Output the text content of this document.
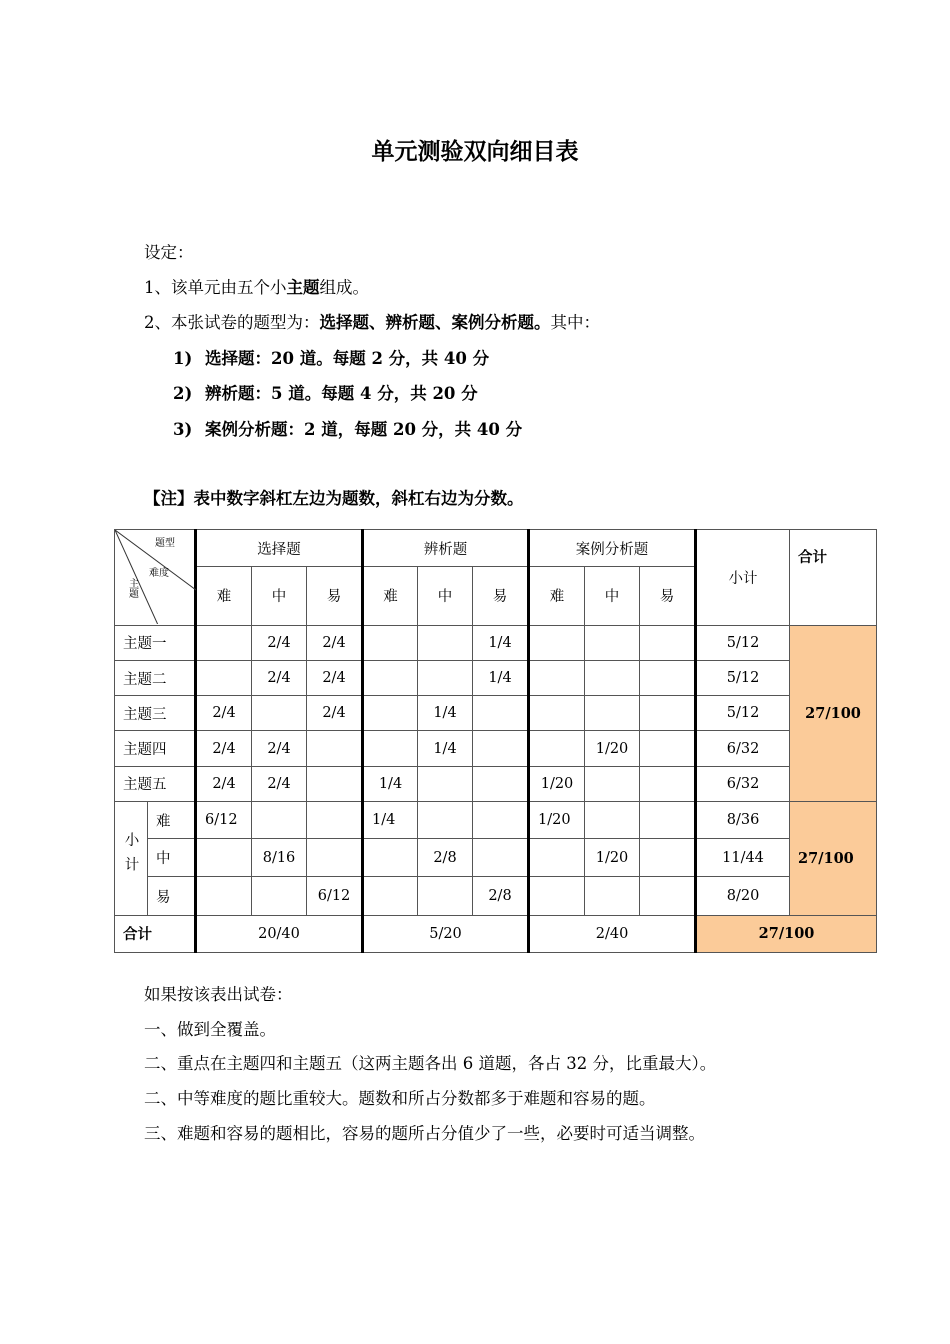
单元测验双向细目表
设定：
1、该单元由五个小主题组成。
2、本张试卷的题型为：选择题、辨析题、案例分析题。其中：
1) 选择题：20 道。每题 2 分，共 40 分
2) 辨析题：5 道。每题 4 分，共 20 分
3) 案例分析题：2 道，每题 20 分，共 40 分
【注】表中数字斜杠左边为题数，斜杠右边为分数。
题型
难度
主题		选择题			辨析题			案例分析题			小计	合计
		难	中	易	难	中	易	难	中	易		
主题一			2/4	2/4			1/4				5/12	27/100
主题二			2/4	2/4			1/4				5/12	
主题三		2/4		2/4		1/4					5/12	
主题四		2/4	2/4			1/4			1/20		6/32	
主题五		2/4	2/4		1/4			1/20			6/32	
小计	难	6/12			1/4			1/20			8/36	27/100
	中		8/16			2/8			1/20		11/44	
	易			6/12			2/8				8/20	
合计		20/40			5/20			2/40			27/100	
如果按该表出试卷：
一、做到全覆盖。
二、重点在主题四和主题五（这两主题各出 6 道题，各占 32 分，比重最大）。
二、中等难度的题比重较大。题数和所占分数都多于难题和容易的题。
三、难题和容易的题相比，容易的题所占分值少了一些，必要时可适当调整。
